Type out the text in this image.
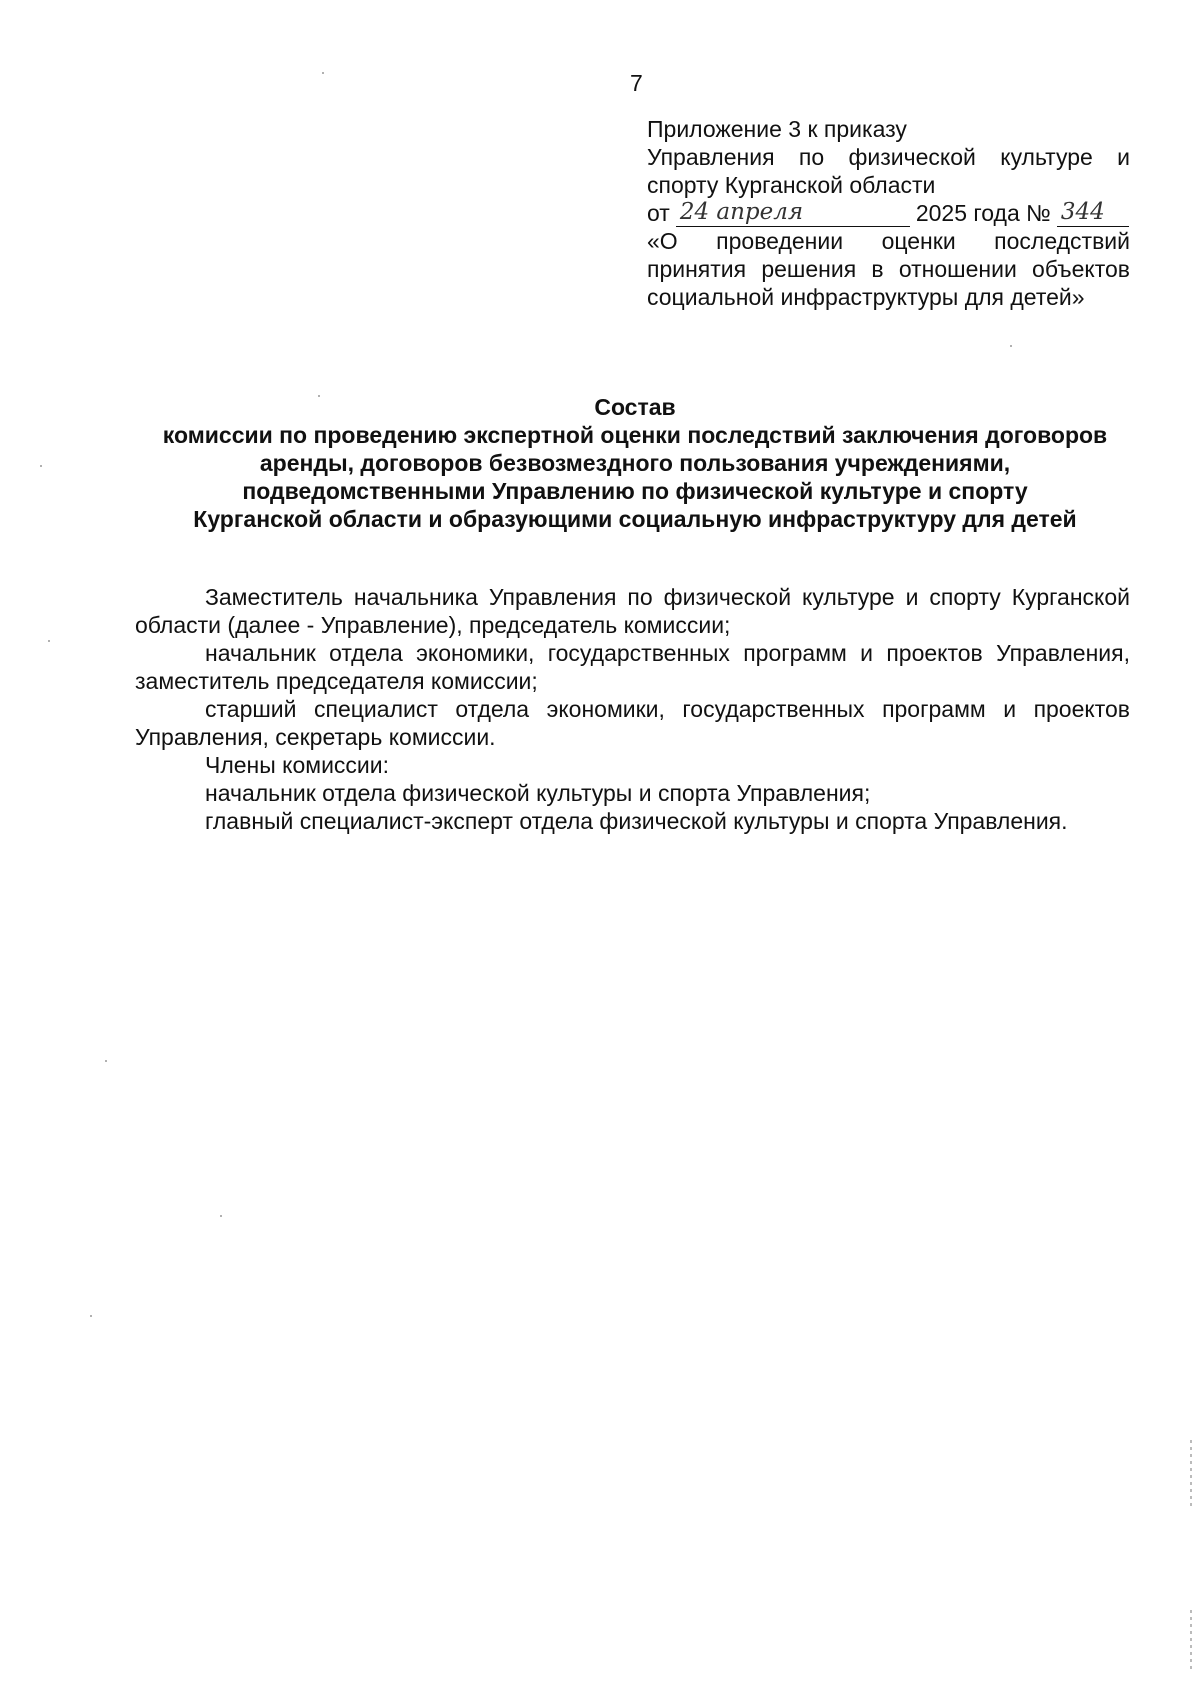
7
Приложение 3 к приказу
Управления по физической культуре и
спорту Курганской области
от 24 апреля	2025 года № 344
«О проведении оценки последствий
принятия решения в отношении объектов
социальной инфраструктуры для детей»
Состав
комиссии по проведению экспертной оценки последствий заключения договоров
аренды, договоров безвозмездного пользования учреждениями,
подведомственными Управлению по физической культуре и спорту
Курганской области и образующими социальную инфраструктуру для детей

Заместитель начальника Управления по физической культуре и спорту Курганской области (далее - Управление), председатель комиссии;

начальник отдела экономики, государственных программ и проектов Управления, заместитель председателя комиссии;

старший специалист отдела экономики, государственных программ и проектов Управления, секретарь комиссии.

Члены комиссии:

начальник отдела физической культуры и спорта Управления;

главный специалист-эксперт отдела физической культуры и спорта Управления.
